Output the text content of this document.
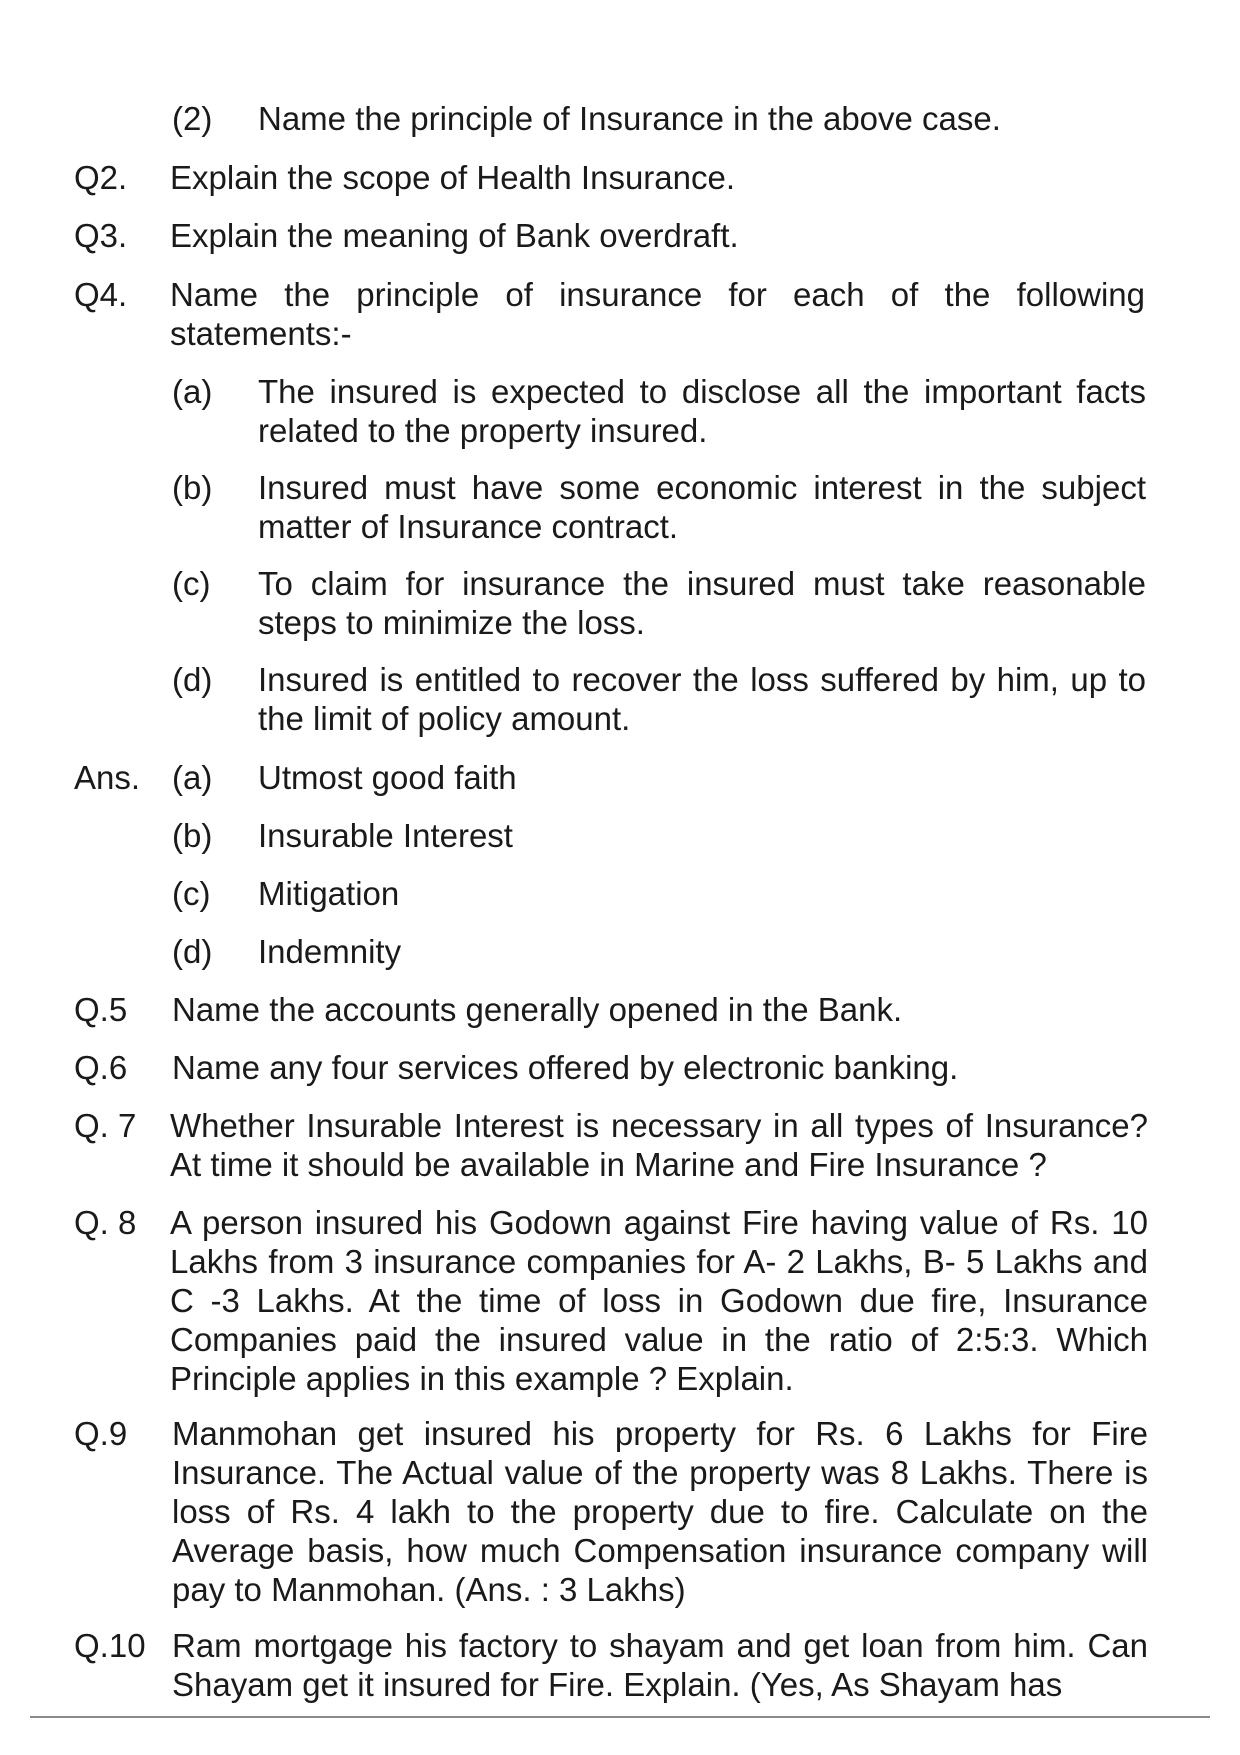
(2) Name the principle of Insurance in the above case.
Q2. Explain the scope of Health Insurance.
Q3. Explain the meaning of Bank overdraft.
Q4. Name the principle of insurance for each of the following statements:-
(a) The insured is expected to disclose all the important facts related to the property insured.
(b) Insured must have some economic interest in the subject matter of Insurance contract.
(c) To claim for insurance the insured must take reasonable steps to minimize the loss.
(d) Insured is entitled to recover the loss suffered by him, up to the limit of policy amount.
Ans. (a) Utmost good faith
(b) Insurable Interest
(c) Mitigation
(d) Indemnity
Q.5 Name the accounts generally opened in the Bank.
Q.6 Name any four services offered by electronic banking.
Q. 7 Whether Insurable Interest is necessary in all types of Insurance? At time it should be available in Marine and Fire Insurance ?
Q. 8 A person insured his Godown against Fire having value of Rs. 10 Lakhs from 3 insurance companies for A- 2 Lakhs, B- 5 Lakhs and C -3 Lakhs. At the time of loss in Godown due fire, Insurance Companies paid the insured value in the ratio of 2:5:3. Which Principle applies in this example ? Explain.
Q.9 Manmohan get insured his property for Rs. 6 Lakhs for Fire Insurance. The Actual value of the property was 8 Lakhs. There is loss of Rs. 4 lakh to the property due to fire. Calculate on the Average basis, how much Compensation insurance company will pay to Manmohan. (Ans. : 3 Lakhs)
Q.10 Ram mortgage his factory to shayam and get loan from him. Can Shayam get it insured for Fire. Explain. (Yes, As Shayam has
